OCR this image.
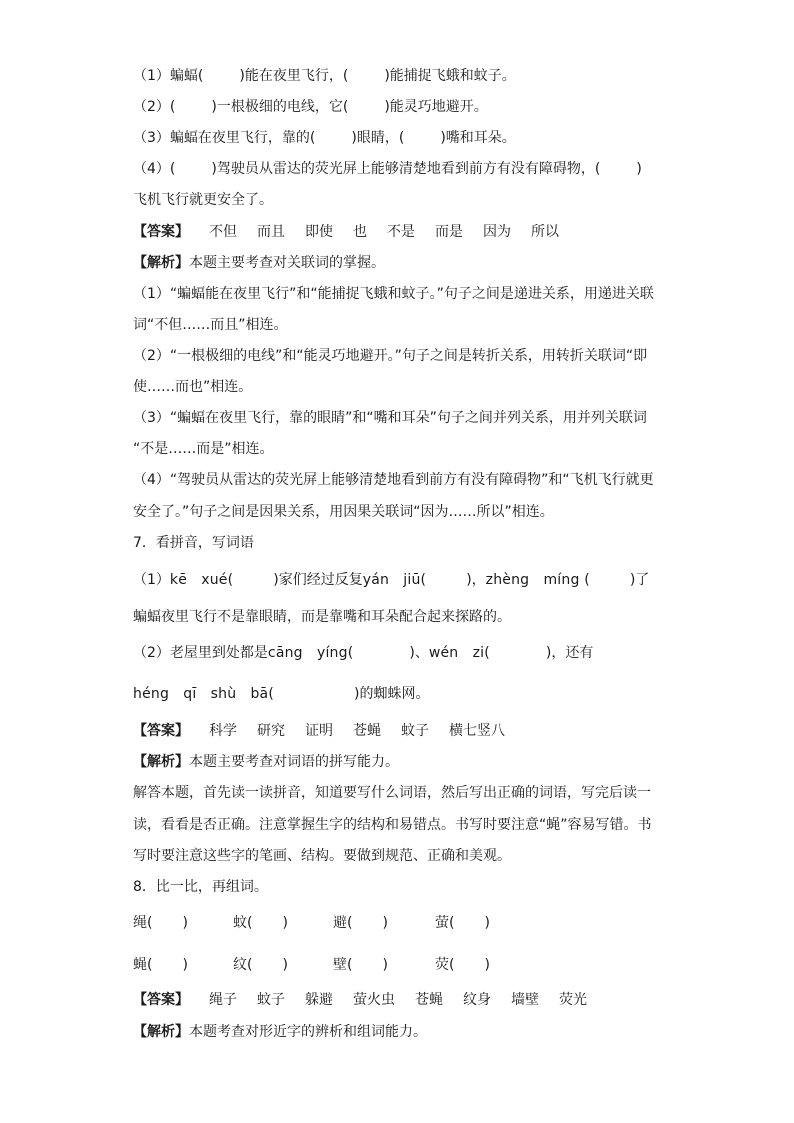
（1）蝙蝠(	)能在夜里飞行，(	)能捕捉飞蛾和蚊子。
（2）(	)一根极细的电线，它(	)能灵巧地避开。
（3）蝙蝠在夜里飞行，靠的(	)眼睛，(	)嘴和耳朵。
（4）(	)驾驶员从雷达的荧光屏上能够清楚地看到前方有没有障碍物，(	)
飞机飞行就更安全了。
【答案】 不但 而且 即使 也 不是 而是 因为 所以
【解析】本题主要考查对关联词的掌握。
（1）“蝙蝠能在夜里飞行”和“能捕捉飞蛾和蚊子。”句子之间是递进关系，用递进关联
词“不但……而且”相连。
（2）“一根极细的电线”和“能灵巧地避开。”句子之间是转折关系，用转折关联词“即
使……而也”相连。
（3）“蝙蝠在夜里飞行，靠的眼睛”和“嘴和耳朵”句子之间并列关系，用并列关联词
“不是……而是”相连。
（4）“驾驶员从雷达的荧光屏上能够清楚地看到前方有没有障碍物”和“飞机飞行就更
安全了。”句子之间是因果关系，用因果关联词“因为……所以”相连。
7．看拼音，写词语
（1）kē　xué(	)家们经过反复yán　jiū(	)，zhèng　míng (	)了
蝙蝠夜里飞行不是靠眼睛，而是靠嘴和耳朵配合起来探路的。
（2）老屋里到处都是cāng　yíng(	)、wén　zi(	)，还有
héng　qī　shù　bā(	)的蜘蛛网。
【答案】 科学 研究 证明 苍蝇 蚊子 横七竖八
【解析】本题主要考查对词语的拼写能力。
解答本题，首先读一读拼音，知道要写什么词语，然后写出正确的词语，写完后读一
读，看看是否正确。注意掌握生字的结构和易错点。书写时要注意“蝇”容易写错。书
写时要注意这些字的笔画、结构。要做到规范、正确和美观。
8．比一比，再组词。
绳( )	蚊( )	避( )	萤( )
蝇( )	纹( )	壁( )	荧( )
【答案】 绳子 蚊子 躲避 萤火虫 苍蝇 纹身 墙壁 荧光
【解析】本题考查对形近字的辨析和组词能力。
